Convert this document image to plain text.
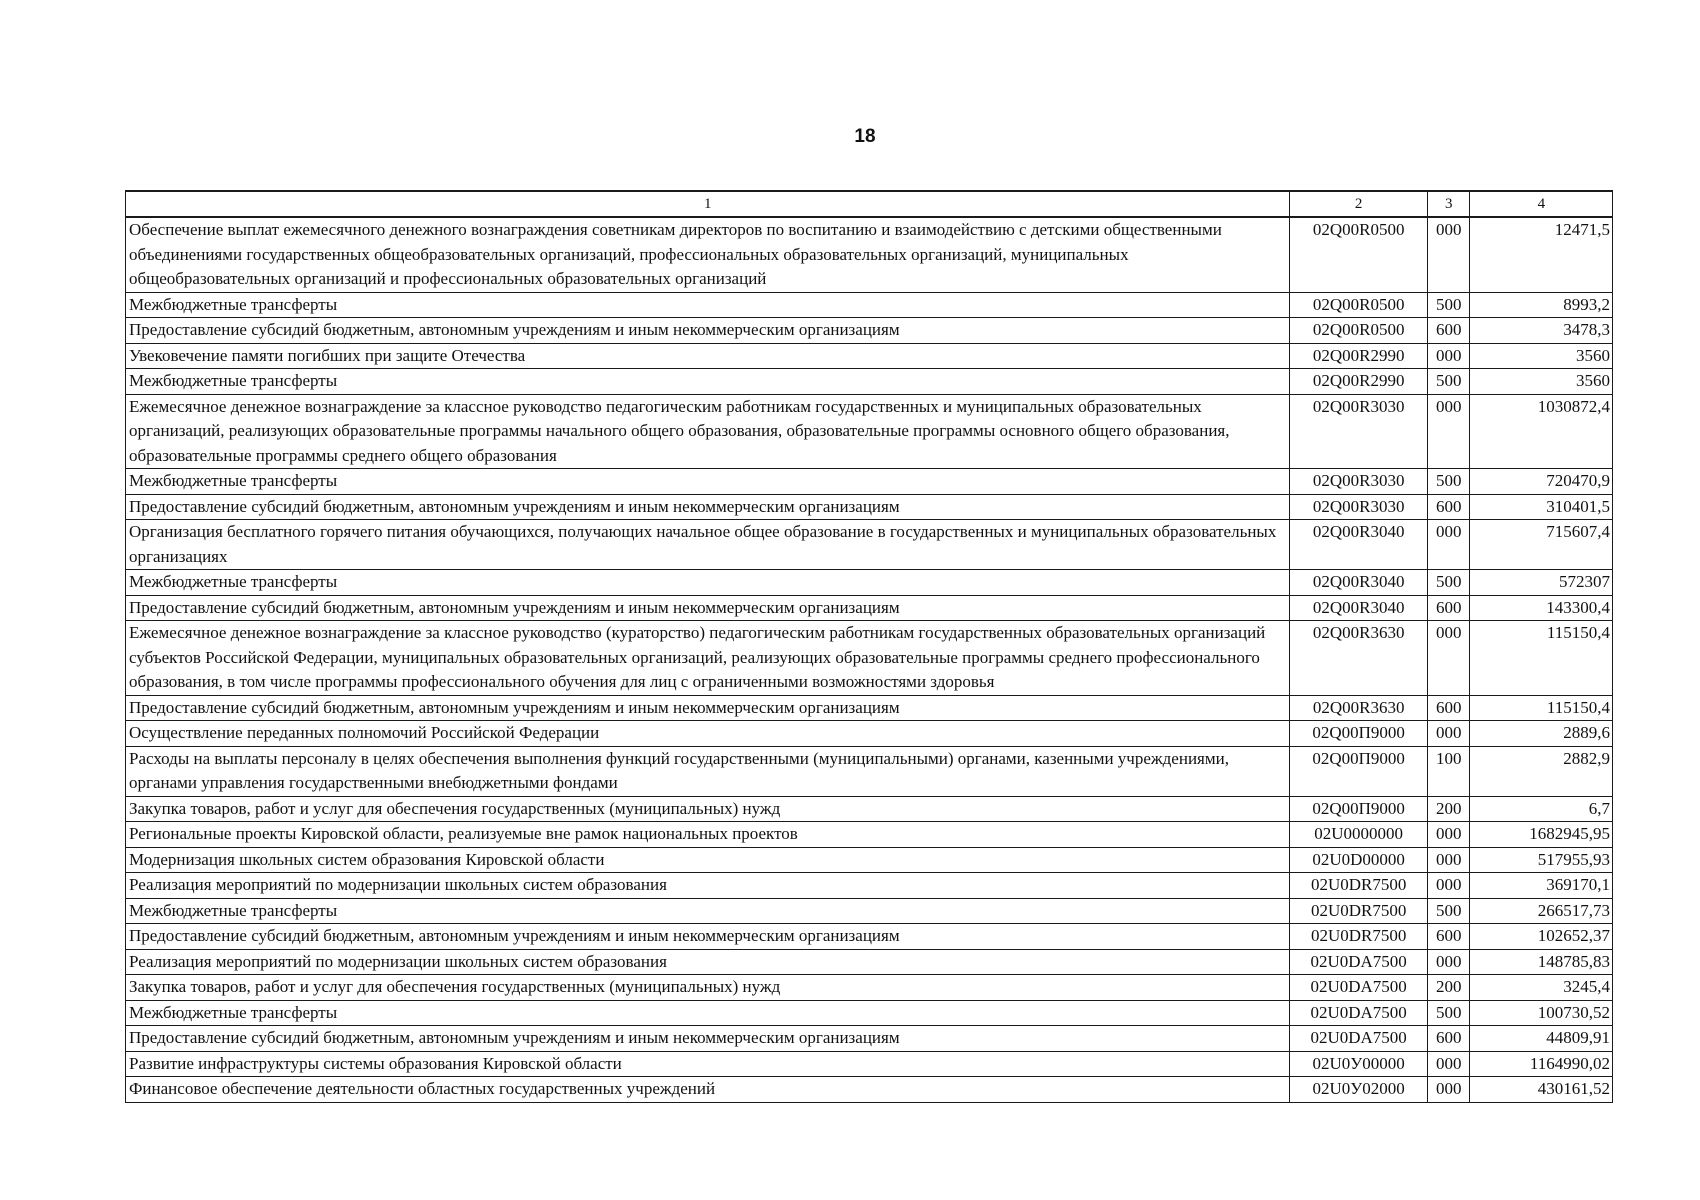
18
1	2	3	4
Обеспечение выплат ежемесячного денежного вознаграждения советникам директоров по воспитанию и взаимодействию с детскими общественными объединениями государственных общеобразовательных организаций, профессиональных образовательных организаций, муниципальных общеобразовательных организаций и профессиональных образовательных организаций	02Q00R0500	000	12471,5
Межбюджетные трансферты	02Q00R0500	500	8993,2
Предоставление субсидий бюджетным, автономным учреждениям и иным некоммерческим организациям	02Q00R0500	600	3478,3
Увековечение памяти погибших при защите Отечества	02Q00R2990	000	3560
Межбюджетные трансферты	02Q00R2990	500	3560
Ежемесячное денежное вознаграждение за классное руководство педагогическим работникам государственных и муниципальных образовательных организаций, реализующих образовательные программы начального общего образования, образовательные программы основного общего образования, образовательные программы среднего общего образования	02Q00R3030	000	1030872,4
Межбюджетные трансферты	02Q00R3030	500	720470,9
Предоставление субсидий бюджетным, автономным учреждениям и иным некоммерческим организациям	02Q00R3030	600	310401,5
Организация бесплатного горячего питания обучающихся, получающих начальное общее образование в государственных и муниципальных образовательных организациях	02Q00R3040	000	715607,4
Межбюджетные трансферты	02Q00R3040	500	572307
Предоставление субсидий бюджетным, автономным учреждениям и иным некоммерческим организациям	02Q00R3040	600	143300,4
Ежемесячное денежное вознаграждение за классное руководство (кураторство) педагогическим работникам государственных образовательных организаций субъектов Российской Федерации, муниципальных образовательных организаций, реализующих образовательные программы среднего профессионального образования, в том числе программы профессионального обучения для лиц с ограниченными возможностями здоровья	02Q00R3630	000	115150,4
Предоставление субсидий бюджетным, автономным учреждениям и иным некоммерческим организациям	02Q00R3630	600	115150,4
Осуществление переданных полномочий Российской Федерации	02Q00П9000	000	2889,6
Расходы на выплаты персоналу в целях обеспечения выполнения функций государственными (муниципальными) органами, казенными учреждениями, органами управления государственными внебюджетными фондами	02Q00П9000	100	2882,9
Закупка товаров, работ и услуг для обеспечения государственных (муниципальных) нужд	02Q00П9000	200	6,7
Региональные проекты Кировской области, реализуемые вне рамок национальных проектов	02U0000000	000	1682945,95
Модернизация школьных систем образования Кировской области	02U0D00000	000	517955,93
Реализация мероприятий по модернизации школьных систем образования	02U0DR7500	000	369170,1
Межбюджетные трансферты	02U0DR7500	500	266517,73
Предоставление субсидий бюджетным, автономным учреждениям и иным некоммерческим организациям	02U0DR7500	600	102652,37
Реализация мероприятий по модернизации школьных систем образования	02U0DA7500	000	148785,83
Закупка товаров, работ и услуг для обеспечения государственных (муниципальных) нужд	02U0DA7500	200	3245,4
Межбюджетные трансферты	02U0DA7500	500	100730,52
Предоставление субсидий бюджетным, автономным учреждениям и иным некоммерческим организациям	02U0DA7500	600	44809,91
Развитие инфраструктуры системы образования Кировской области	02U0У00000	000	1164990,02
Финансовое обеспечение деятельности областных государственных учреждений	02U0У02000	000	430161,52
